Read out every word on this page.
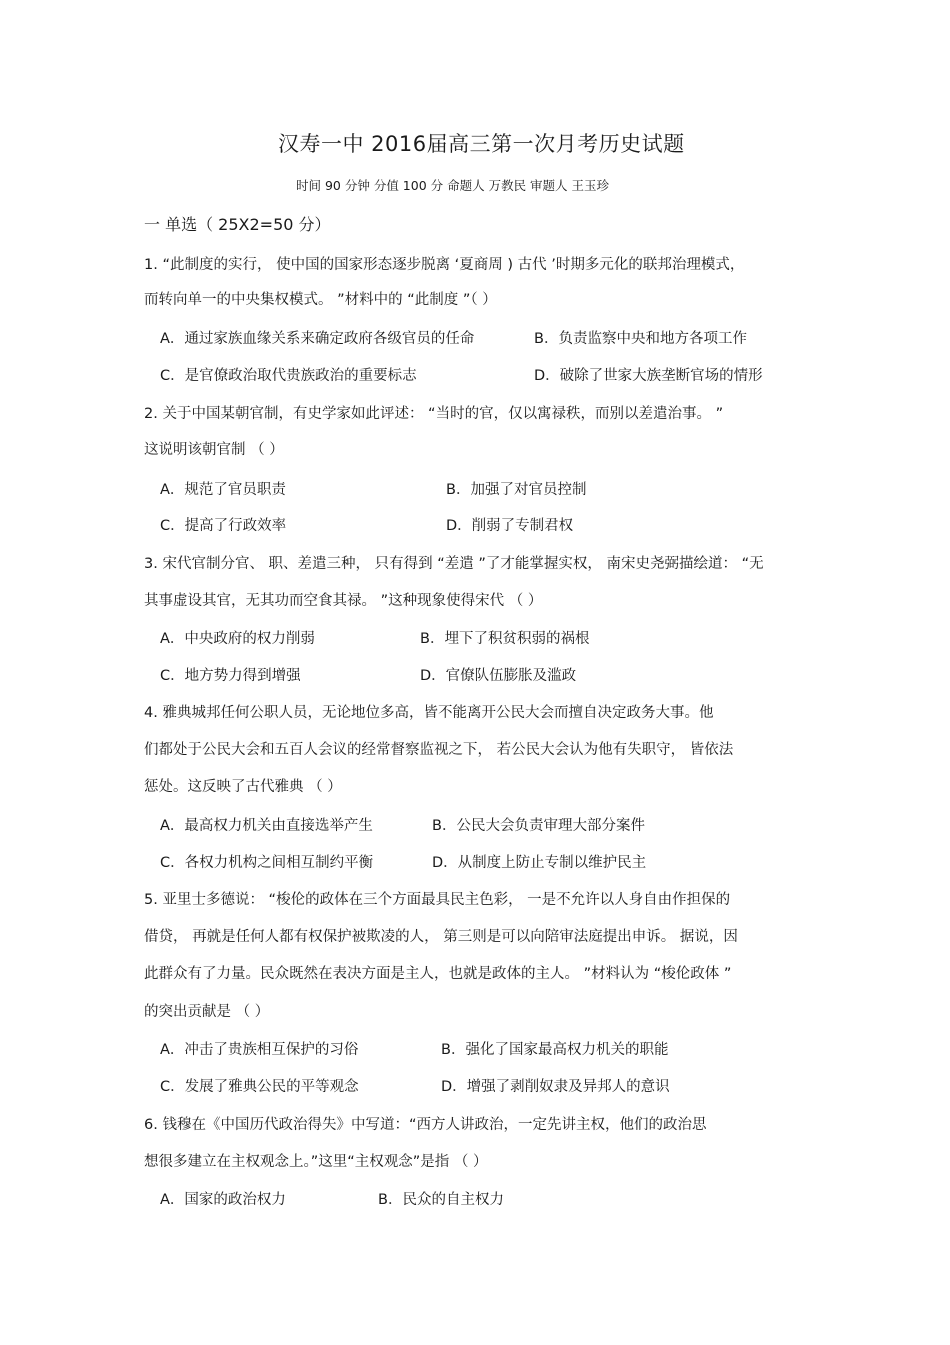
汉寿一中 2016届高三第一次月考历史试题
时间 90 分钟 分值 100 分 命题人 万教民 审题人 王玉珍
一 单选（ 25X2=50 分）
1. “此制度的实行， 使中国的国家形态逐步脱离 ‘夏商周 ) 古代 ’时期多元化的联邦治理模式，
而转向单一的中央集权模式。 ”材料中的 “此制度 ”（ ）
A．通过家族血缘关系来确定政府各级官员的任命	B．负责监察中央和地方各项工作
C．是官僚政治取代贵族政治的重要标志	D．破除了世家大族垄断官场的情形
2. 关于中国某朝官制，有史学家如此评述： “当时的官，仅以寓禄秩，而别以差遣治事。 ”
这说明该朝官制 （ ）
A．规范了官员职责	B．加强了对官员控制
C．提高了行政效率	D．削弱了专制君权
3. 宋代官制分官、 职、差遣三种， 只有得到 “差遣 ”了才能掌握实权， 南宋史尧弼描绘道： “无
其事虚设其官，无其功而空食其禄。 ”这种现象使得宋代 （ ）
A．中央政府的权力削弱	B．埋下了积贫积弱的祸根
C．地方势力得到增强	D．官僚队伍膨胀及滥政
4. 雅典城邦任何公职人员，无论地位多高，皆不能离开公民大会而擅自决定政务大事。他
们都处于公民大会和五百人会议的经常督察监视之下， 若公民大会认为他有失职守， 皆依法
惩处。这反映了古代雅典 （ ）
A．最高权力机关由直接选举产生	B．公民大会负责审理大部分案件
C．各权力机构之间相互制约平衡	D．从制度上防止专制以维护民主
5. 亚里士多德说： “梭伦的政体在三个方面最具民主色彩， 一是不允许以人身自由作担保的
借贷， 再就是任何人都有权保护被欺凌的人， 第三则是可以向陪审法庭提出申诉。 据说，因
此群众有了力量。民众既然在表决方面是主人，也就是政体的主人。 ”材料认为 “梭伦政体 ”
的突出贡献是 （ ）
A．冲击了贵族相互保护的习俗	B．强化了国家最高权力机关的职能
C．发展了雅典公民的平等观念	D．增强了剥削奴隶及异邦人的意识
6. 钱穆在《中国历代政治得失》中写道：“西方人讲政治，一定先讲主权，他们的政治思
想很多建立在主权观念上。”这里“主权观念”是指 （ ）
A．国家的政治权力	B．民众的自主权力
